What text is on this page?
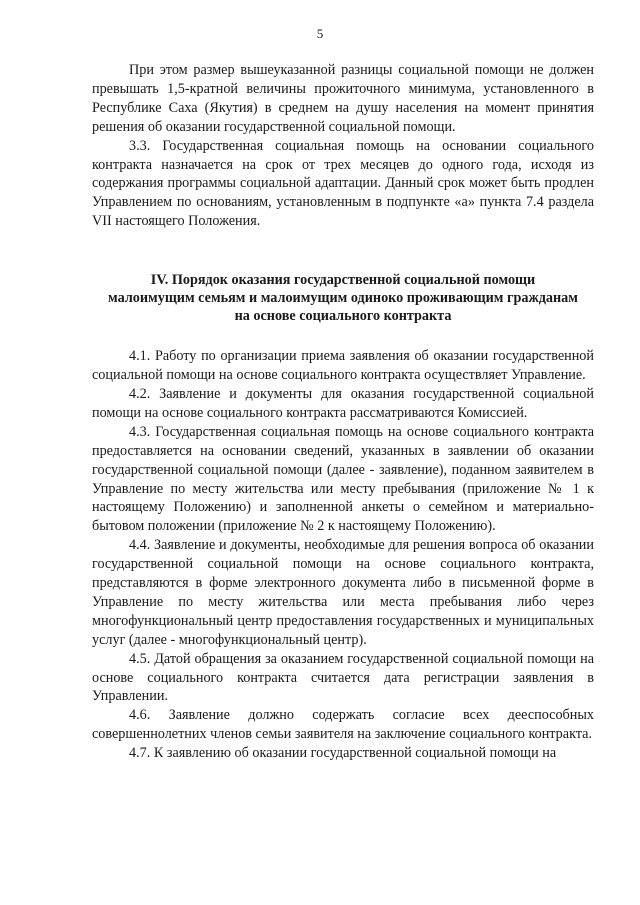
5

При этом размер вышеуказанной разницы социальной помощи не должен превышать 1,5-кратной величины прожиточного минимума, установленного в Республике Саха (Якутия) в среднем на душу населения на момент принятия решения об оказании государственной социальной помощи.

3.3. Государственная социальная помощь на основании социального контракта назначается на срок от трех месяцев до одного года, исходя из содержания программы социальной адаптации. Данный срок может быть продлен Управлением по основаниям, установленным в подпункте «а» пункта 7.4 раздела VII настоящего Положения.

IV. Порядок оказания государственной социальной помощи
малоимущим семьям и малоимущим одиноко проживающим гражданам
на основе социального контракта

4.1. Работу по организации приема заявления об оказании государственной социальной помощи на основе социального контракта осуществляет Управление.

4.2. Заявление и документы для оказания государственной социальной помощи на основе социального контракта рассматриваются Комиссией.

4.3. Государственная социальная помощь на основе социального контракта предоставляется на основании сведений, указанных в заявлении об оказании государственной социальной помощи (далее - заявление), поданном заявителем в Управление по месту жительства или месту пребывания (приложение № 1 к настоящему Положению) и заполненной анкеты о семейном и материально-бытовом положении (приложение № 2 к настоящему Положению).

4.4. Заявление и документы, необходимые для решения вопроса об оказании государственной социальной помощи на основе социального контракта, представляются в форме электронного документа либо в письменной форме в Управление по месту жительства или места пребывания либо через многофункциональный центр предоставления государственных и муниципальных услуг (далее - многофункциональный центр).

4.5. Датой обращения за оказанием государственной социальной помощи на основе социального контракта считается дата регистрации заявления в Управлении.

4.6. Заявление должно содержать согласие всех дееспособных совершеннолетних членов семьи заявителя на заключение социального контракта.

4.7. К заявлению об оказании государственной социальной помощи на
